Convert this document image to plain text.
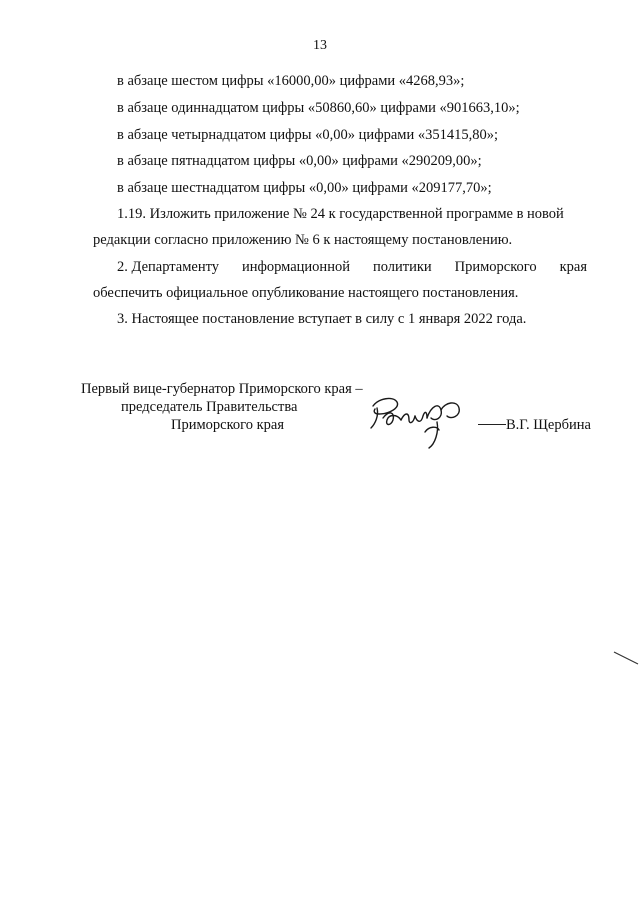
13
в абзаце шестом цифры «16000,00» цифрами «4268,93»;
в абзаце одиннадцатом цифры «50860,60» цифрами «901663,10»;
в абзаце четырнадцатом цифры «0,00» цифрами «351415,80»;
в абзаце пятнадцатом цифры «0,00» цифрами «290209,00»;
в абзаце шестнадцатом цифры «0,00» цифрами «209177,70»;
1.19. Изложить приложение № 24 к государственной программе в новой
редакции согласно приложению № 6 к настоящему постановлению.
2. Департаменту информационной политики Приморского края
обеспечить официальное опубликование настоящего постановления.
3. Настоящее постановление вступает в силу с 1 января 2022 года.
Первый вице-губернатор Приморского края –
председатель Правительства
Приморского края	В.Г. Щербина
